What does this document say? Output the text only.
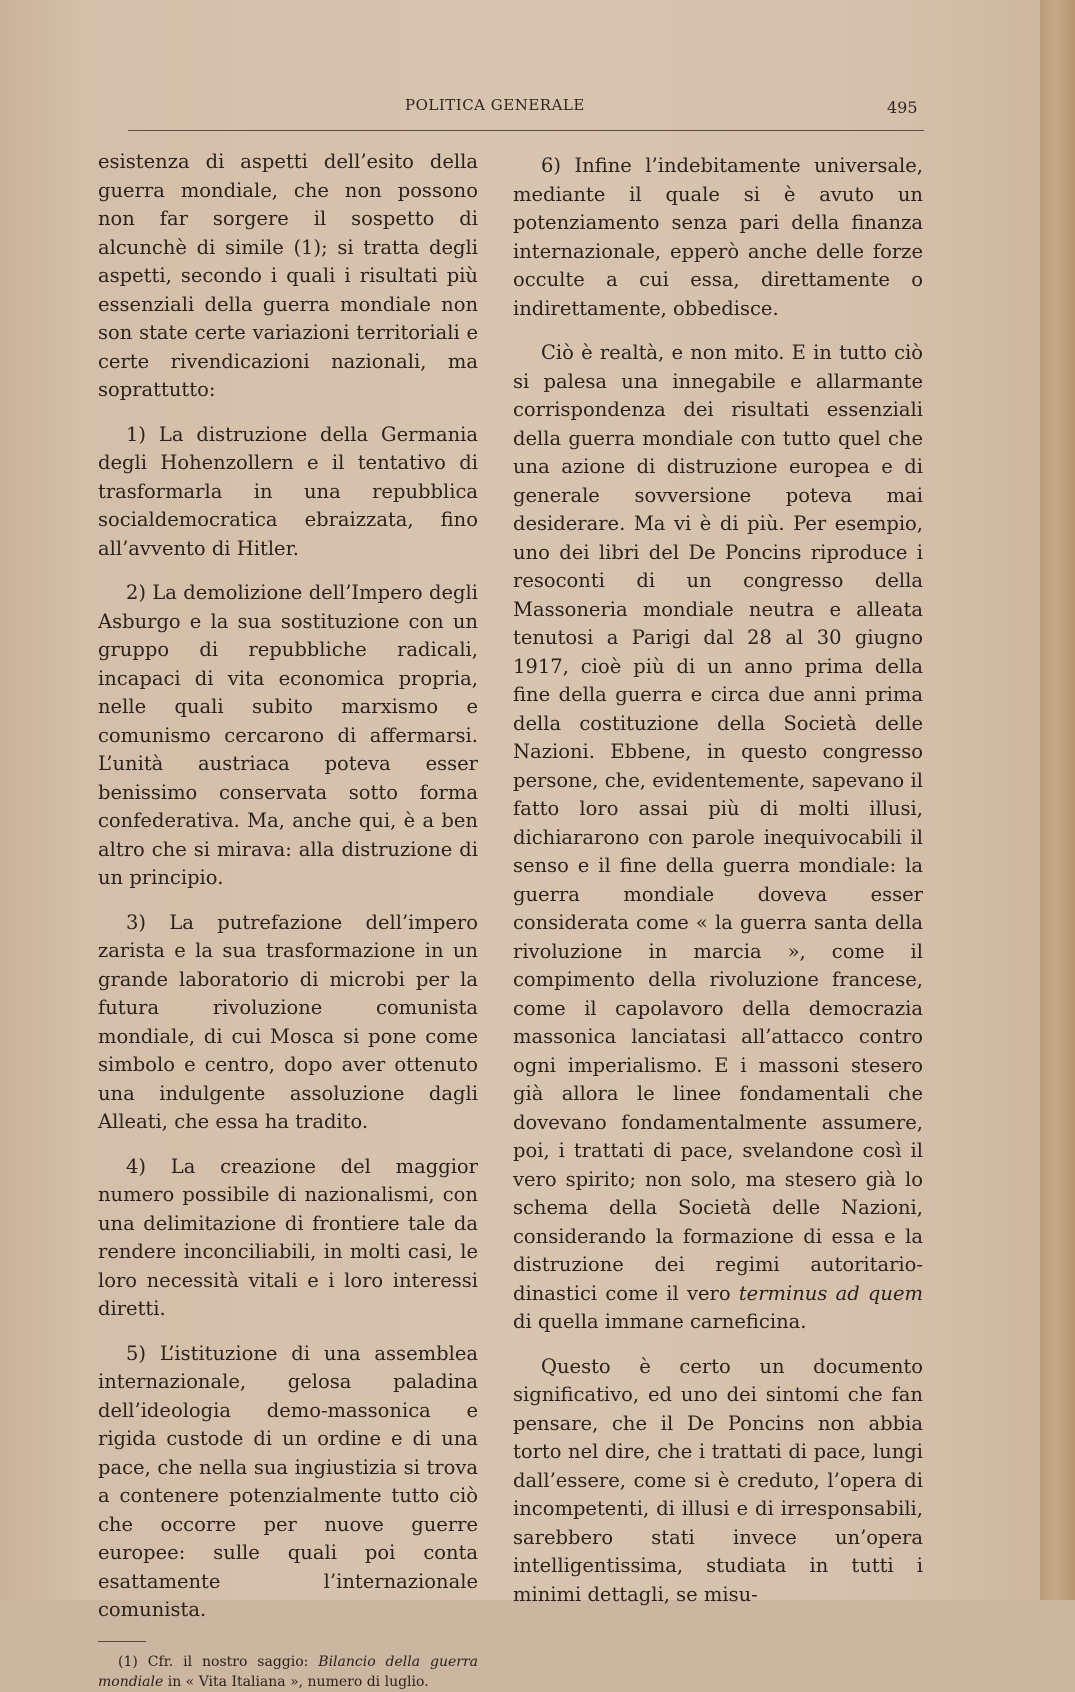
POLITICA GENERALE	495

esistenza di aspetti dell’esito della guerra mondiale, che non possono non far sorgere il sospetto di alcunchè di simile (1); si tratta degli aspetti, secondo i quali i risultati più essenziali della guerra mondiale non son state certe variazioni territoriali e certe rivendicazioni nazionali, ma soprattutto:

1) La distruzione della Germania degli Hohenzollern e il tentativo di trasformarla in una repubblica socialdemocratica ebraizzata, fino all’avvento di Hitler.

2) La demolizione dell’Impero degli Asburgo e la sua sostituzione con un gruppo di repubbliche radicali, incapaci di vita economica propria, nelle quali subito marxismo e comunismo cercarono di affermarsi. L’unità austriaca poteva esser benissimo conservata sotto forma confederativa. Ma, anche qui, è a ben altro che si mirava: alla distruzione di un principio.

3) La putrefazione dell’impero zarista e la sua trasformazione in un grande laboratorio di microbi per la futura rivoluzione comunista mondiale, di cui Mosca si pone come simbolo e centro, dopo aver ottenuto una indulgente assoluzione dagli Alleati, che essa ha tradito.

4) La creazione del maggior numero possibile di nazionalismi, con una delimitazione di frontiere tale da rendere inconciliabili, in molti casi, le loro necessità vitali e i loro interessi diretti.

5) L’istituzione di una assemblea internazionale, gelosa paladina dell’ideologia demo-massonica e rigida custode di un ordine e di una pace, che nella sua ingiustizia si trova a contenere potenzialmente tutto ciò che occorre per nuove guerre europee: sulle quali poi conta esattamente l’internazionale comunista.

(1) Cfr. il nostro saggio: Bilancio della guerra mondiale in « Vita Italiana », numero di luglio.

6) Infine l’indebitamente universale, mediante il quale si è avuto un potenziamento senza pari della finanza internazionale, epperò anche delle forze occulte a cui essa, direttamente o indirettamente, obbedisce.

Ciò è realtà, e non mito. E in tutto ciò si palesa una innegabile e allarmante corrispondenza dei risultati essenziali della guerra mondiale con tutto quel che una azione di distruzione europea e di generale sovversione poteva mai desiderare. Ma vi è di più. Per esempio, uno dei libri del De Poncins riproduce i resoconti di un congresso della Massoneria mondiale neutra e alleata tenutosi a Parigi dal 28 al 30 giugno 1917, cioè più di un anno prima della fine della guerra e circa due anni prima della costituzione della Società delle Nazioni. Ebbene, in questo congresso persone, che, evidentemente, sapevano il fatto loro assai più di molti illusi, dichiararono con parole inequivocabili il senso e il fine della guerra mondiale: la guerra mondiale doveva esser considerata come « la guerra santa della rivoluzione in marcia », come il compimento della rivoluzione francese, come il capolavoro della democrazia massonica lanciatasi all’attacco contro ogni imperialismo. E i massoni stesero già allora le linee fondamentali che dovevano fondamentalmente assumere, poi, i trattati di pace, svelandone così il vero spirito; non solo, ma stesero già lo schema della Società delle Nazioni, considerando la formazione di essa e la distruzione dei regimi autoritario-dinastici come il vero terminus ad quem di quella immane carneficina.

Questo è certo un documento significativo, ed uno dei sintomi che fan pensare, che il De Poncins non abbia torto nel dire, che i trattati di pace, lungi dall’essere, come si è creduto, l’opera di incompetenti, di illusi e di irresponsabili, sarebbero stati invece un’opera intelligentissima, studiata in tutti i minimi dettagli, se misu-
